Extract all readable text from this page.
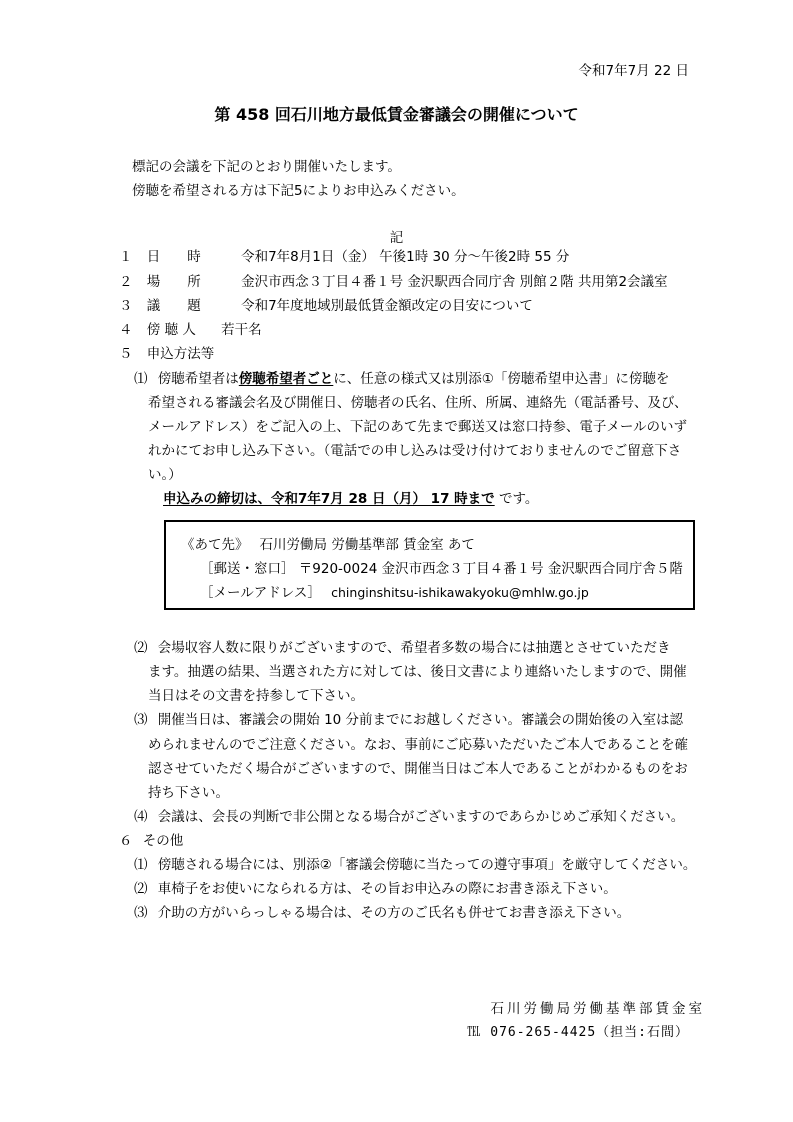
令和7年7月 22 日
第 458 回石川地方最低賃金審議会の開催について
標記の会議を下記のとおり開催いたします。
傍聴を希望される方は下記5によりお申込みください。
記
１ 日　　時	令和7年8月1日（金） 午後1時 30 分～午後2時 55 分
２ 場　　所	金沢市西念３丁目４番１号 金沢駅西合同庁舎 別館２階 共用第2会議室
３ 議　　題	令和7年度地域別最低賃金額改定の目安について
４ 傍 聴 人 若干名
５ 申込方法等
⑴ 傍聴希望者は傍聴希望者ごとに、任意の様式又は別添①「傍聴希望申込書」に傍聴を
希望される審議会名及び開催日、傍聴者の氏名、住所、所属、連絡先（電話番号、及び、
メールアドレス）をご記入の上、下記のあて先まで郵送又は窓口持参、電子メールのいず
れかにてお申し込み下さい。（電話での申し込みは受け付けておりませんのでご留意下さ
い。）
申込みの締切は、令和7年7月 28 日（月） 17 時まで です。
《あて先》　 石川労働局 労働基準部 賃金室 あて
［郵送・窓口］ 〒920-0024 金沢市西念３丁目４番１号 金沢駅西合同庁舎５階
［メールアドレス］ chinginshitsu-ishikawakyoku@mhlw.go.jp
⑵ 会場収容人数に限りがございますので、希望者多数の場合には抽選とさせていただき
ます。抽選の結果、当選された方に対しては、後日文書により連絡いたしますので、開催
当日はその文書を持参して下さい。
⑶ 開催当日は、審議会の開始 10 分前までにお越しください。審議会の開始後の入室は認
められませんのでご注意ください。なお、事前にご応募いただいたご本人であることを確
認させていただく場合がございますので、開催当日はご本人であることがわかるものをお
持ち下さい。
⑷ 会議は、会長の判断で非公開となる場合がございますのであらかじめご承知ください。
６ その他
⑴ 傍聴される場合には、別添②「審議会傍聴に当たっての遵守事項」を厳守してください。
⑵ 車椅子をお使いになられる方は、その旨お申込みの際にお書き添え下さい。
⑶ 介助の方がいらっしゃる場合は、その方のご氏名も併せてお書き添え下さい。
石川労働局労働基準部賃金室
℡ 076-265-4425（担当:石間）
